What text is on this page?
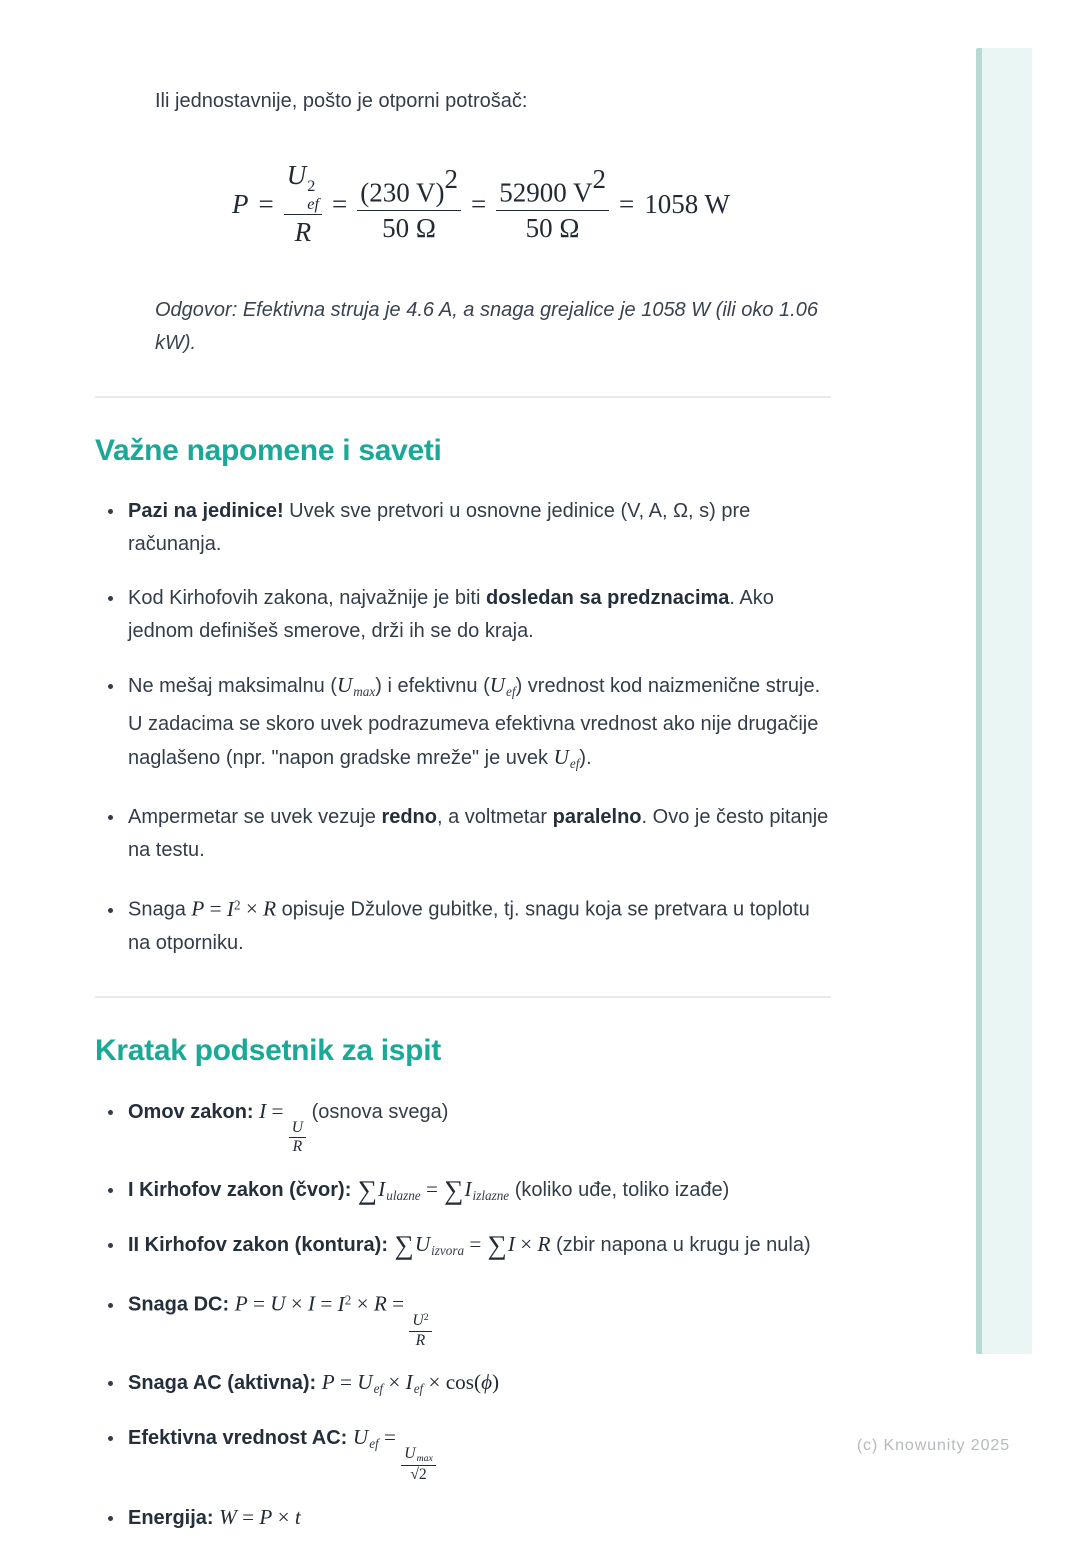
Ili jednostavnije, pošto je otporni potrošač:

P = U 2
ef
$R = \frac{(230 V)2}{50 \Omega} = \frac{52900 V2}{50 \Omega} = 1058$ W

Odgovor: Efektivna struja je 4.6 A, a snaga grejalice je 1058 W (ili oko 1.06 kW).

Važne napomene i saveti
• Pazi na jedinice! Uvek sve pretvori u osnovne jedinice (V, A, Ω, s) pre računanja.
• Kod Kirhofovih zakona, najvažnije je biti dosledan sa predznacima. Ako jednom definišeš smerove, drži ih se do kraja.
• Ne mešaj maksimalnu (Umax) i efektivnu (Uef) vrednost kod naizmenične struje. U zadacima se skoro uvek podrazumeva efektivna vrednost ako nije drugačije naglašeno (npr. "napon gradske mreže" je uvek Uef).
• Ampermetar se uvek vezuje redno, a voltmetar paralelno. Ovo je često pitanje na testu.
• Snaga $P = I^2 \times R$ opisuje Džulove gubitke, tj. snagu koja se pretvara u toplotu na otporniku.
Kratak podsetnik za ispit
• Omov zakon: I =
$\frac{U}{R}$
(osnova svega)
• I Kirhofov zakon (čvor): ∑Iulazne = ∑Iizlazne (koliko uđe, toliko izađe)
• II Kirhofov zakon (kontura): ∑Uizvora = ∑I × R (zbir napona u krugu je nula)
• Snaga DC: $P = U \times I = I^2 \times R$ =
$\frac{U^2}{R}$
• Snaga AC (aktivna): P = Uef × Ief × cos(ϕ)
• Efektivna vrednost AC: Uef =
$\frac{Umax}{√2}$
• Energija: W = P × t
(c) Knowunity 2025
